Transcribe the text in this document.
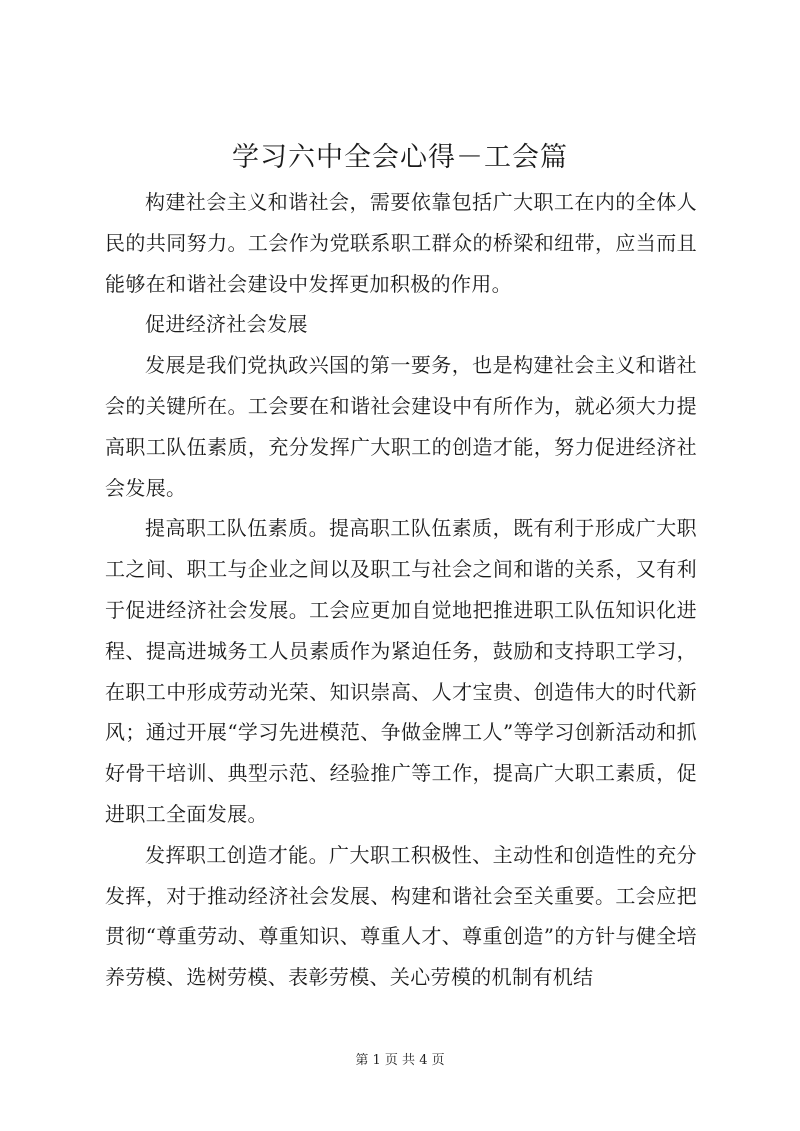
学习六中全会心得－工会篇

构建社会主义和谐社会，需要依靠包括广大职工在内的全体人民的共同努力。工会作为党联系职工群众的桥梁和纽带，应当而且能够在和谐社会建设中发挥更加积极的作用。

促进经济社会发展

发展是我们党执政兴国的第一要务，也是构建社会主义和谐社会的关键所在。工会要在和谐社会建设中有所作为，就必须大力提高职工队伍素质，充分发挥广大职工的创造才能，努力促进经济社会发展。

提高职工队伍素质。提高职工队伍素质，既有利于形成广大职工之间、职工与企业之间以及职工与社会之间和谐的关系，又有利于促进经济社会发展。工会应更加自觉地把推进职工队伍知识化进程、提高进城务工人员素质作为紧迫任务，鼓励和支持职工学习，在职工中形成劳动光荣、知识崇高、人才宝贵、创造伟大的时代新风；通过开展“学习先进模范、争做金牌工人”等学习创新活动和抓好骨干培训、典型示范、经验推广等工作，提高广大职工素质，促进职工全面发展。

发挥职工创造才能。广大职工积极性、主动性和创造性的充分发挥，对于推动经济社会发展、构建和谐社会至关重要。工会应把贯彻“尊重劳动、尊重知识、尊重人才、尊重创造”的方针与健全培养劳模、选树劳模、表彰劳模、关心劳模的机制有机结

第 1 页 共 4 页
